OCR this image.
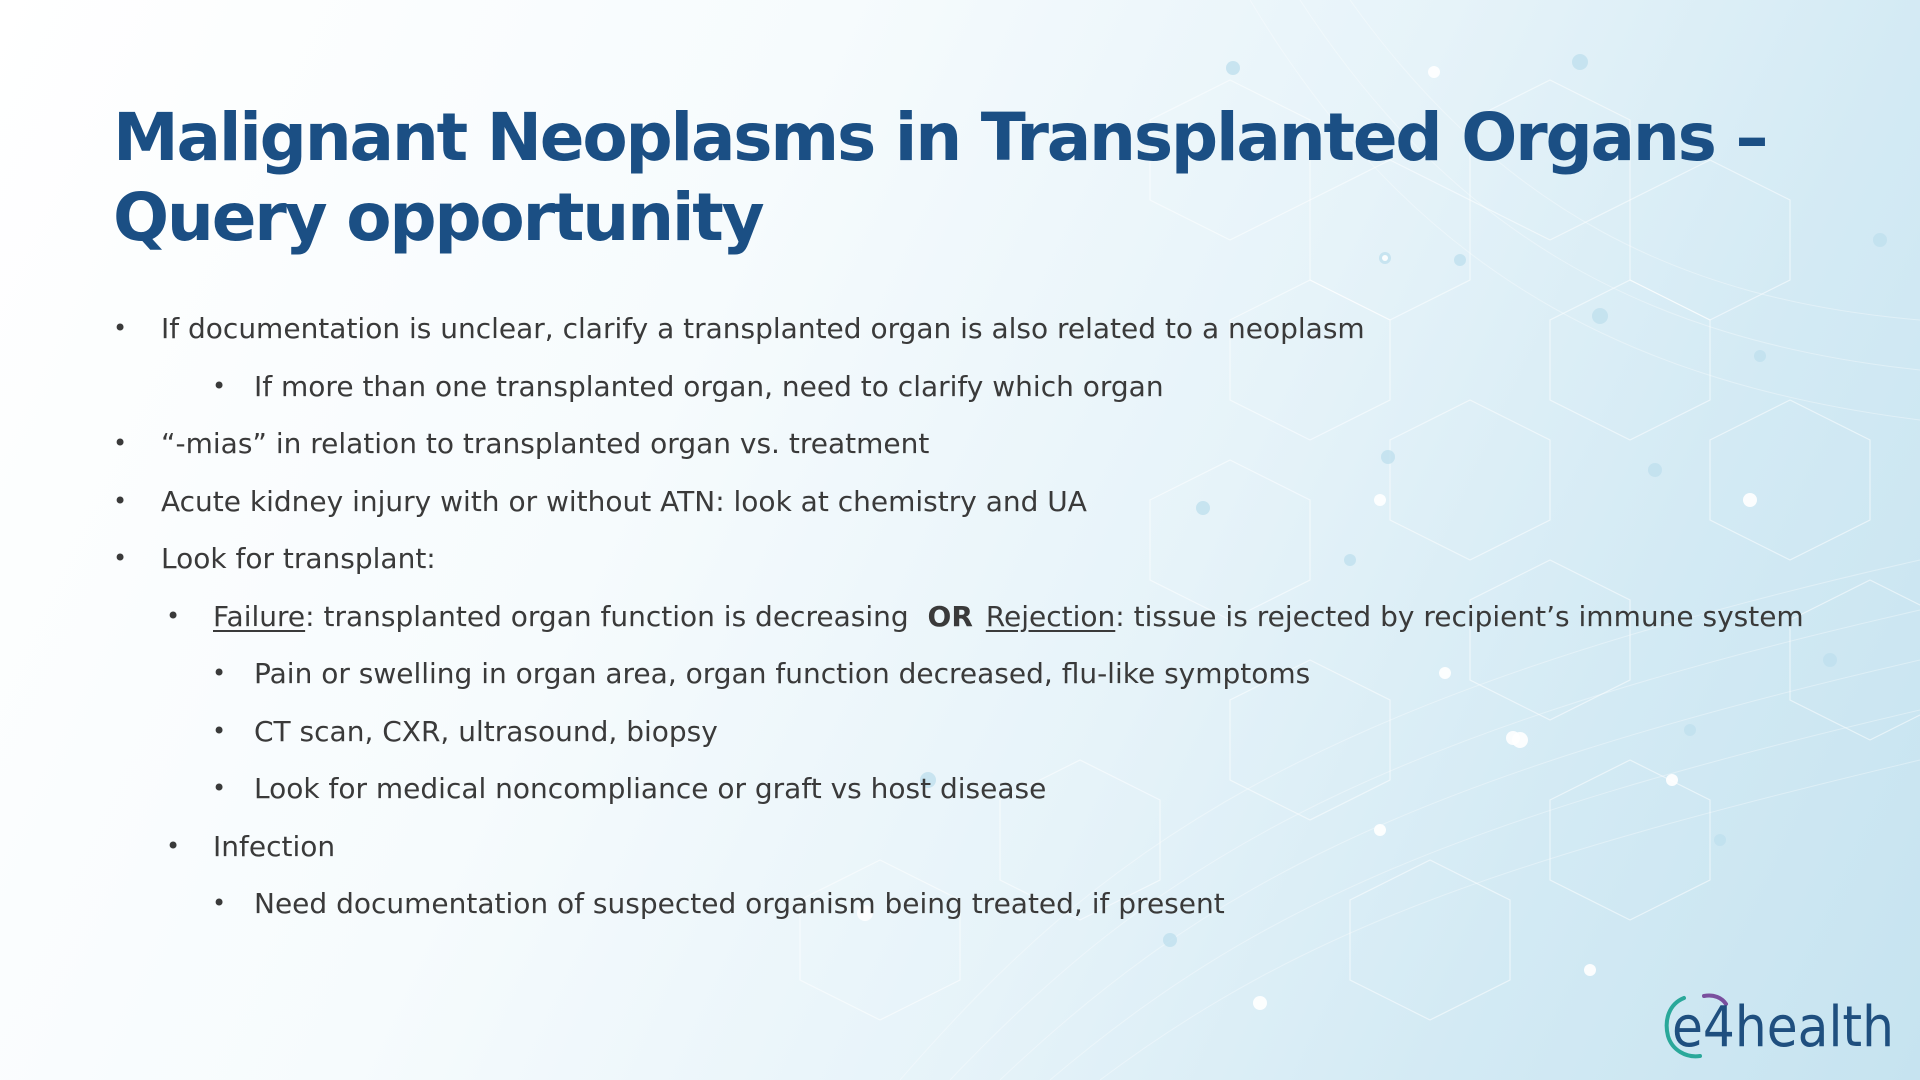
Malignant Neoplasms in Transplanted Organs –
Query opportunity
• If documentation is unclear, clarify a transplanted organ is also related to a neoplasm
• If more than one transplanted organ, need to clarify which organ
• “-mias” in relation to transplanted organ vs. treatment
• Acute kidney injury with or without ATN: look at chemistry and UA
• Look for transplant:
• Failure: transplanted organ function is decreasing OR Rejection: tissue is rejected by recipient’s immune system
• Pain or swelling in organ area, organ function decreased, flu-like symptoms
• CT scan, CXR, ultrasound, biopsy
• Look for medical noncompliance or graft vs host disease
• Infection
• Need documentation of suspected organism being treated, if present
e4health
